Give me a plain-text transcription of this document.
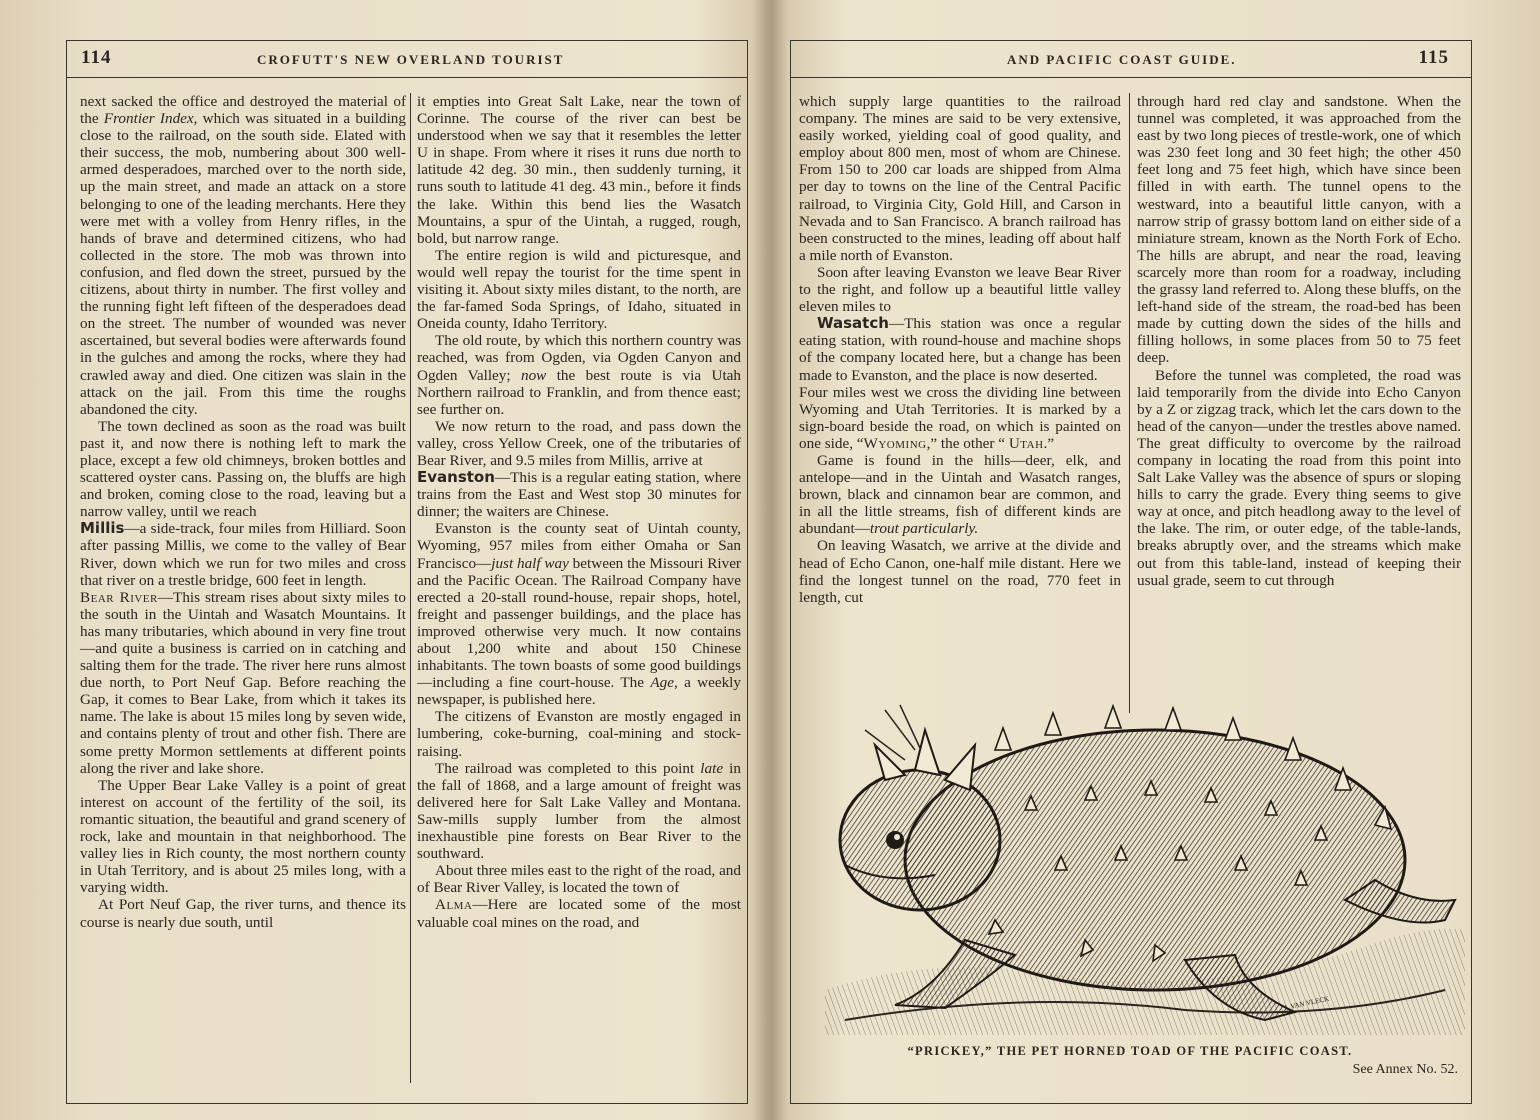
114	CROFUTT'S NEW OVERLAND TOURIST

next sacked the office and destroyed the material of the Frontier Index, which was situated in a building close to the railroad, on the south side. Elated with their success, the mob, numbering about 300 well-armed desperadoes, marched over to the north side, up the main street, and made an attack on a store belonging to one of the leading merchants. Here they were met with a volley from Henry rifles, in the hands of brave and determined citizens, who had collected in the store. The mob was thrown into confusion, and fled down the street, pursued by the citizens, about thirty in number. The first volley and the running fight left fifteen of the desperadoes dead on the street. The number of wounded was never ascertained, but several bodies were afterwards found in the gulches and among the rocks, where they had crawled away and died. One citizen was slain in the attack on the jail. From this time the roughs abandoned the city.

The town declined as soon as the road was built past it, and now there is nothing left to mark the place, except a few old chimneys, broken bottles and scattered oyster cans. Passing on, the bluffs are high and broken, coming close to the road, leaving but a narrow valley, until we reach

Millis—a side-track, four miles from Hilliard. Soon after passing Millis, we come to the valley of Bear River, down which we run for two miles and cross that river on a trestle bridge, 600 feet in length.

Bear River—This stream rises about sixty miles to the south in the Uintah and Wasatch Mountains. It has many tributaries, which abound in very fine trout—and quite a business is carried on in catching and salting them for the trade. The river here runs almost due north, to Port Neuf Gap. Before reaching the Gap, it comes to Bear Lake, from which it takes its name. The lake is about 15 miles long by seven wide, and contains plenty of trout and other fish. There are some pretty Mormon settlements at different points along the river and lake shore.

The Upper Bear Lake Valley is a point of great interest on account of the fertility of the soil, its romantic situation, the beautiful and grand scenery of rock, lake and mountain in that neighborhood. The valley lies in Rich county, the most northern county in Utah Territory, and is about 25 miles long, with a varying width.

At Port Neuf Gap, the river turns, and thence its course is nearly due south, until

it empties into Great Salt Lake, near the town of Corinne. The course of the river can best be understood when we say that it resembles the letter U in shape. From where it rises it runs due north to latitude 42 deg. 30 min., then suddenly turning, it runs south to latitude 41 deg. 43 min., before it finds the lake. Within this bend lies the Wasatch Mountains, a spur of the Uintah, a rugged, rough, bold, but narrow range.

The entire region is wild and picturesque, and would well repay the tourist for the time spent in visiting it. About sixty miles distant, to the north, are the far-famed Soda Springs, of Idaho, situated in Oneida county, Idaho Territory.

The old route, by which this northern country was reached, was from Ogden, via Ogden Canyon and Ogden Valley; now the best route is via Utah Northern railroad to Franklin, and from thence east; see further on.

We now return to the road, and pass down the valley, cross Yellow Creek, one of the tributaries of Bear River, and 9.5 miles from Millis, arrive at

Evanston—This is a regular eating station, where trains from the East and West stop 30 minutes for dinner; the waiters are Chinese.

Evanston is the county seat of Uintah county, Wyoming, 957 miles from either Omaha or San Francisco—just half way between the Missouri River and the Pacific Ocean. The Railroad Company have erected a 20-stall round-house, repair shops, hotel, freight and passenger buildings, and the place has improved otherwise very much. It now contains about 1,200 white and about 150 Chinese inhabitants. The town boasts of some good buildings—including a fine court-house. The Age, a weekly newspaper, is published here.

The citizens of Evanston are mostly engaged in lumbering, coke-burning, coal-mining and stock-raising.

The railroad was completed to this point late in the fall of 1868, and a large amount of freight was delivered here for Salt Lake Valley and Montana. Saw-mills supply lumber from the almost inexhaustible pine forests on Bear River to the southward.

About three miles east to the right of the road, and of Bear River Valley, is located the town of

Alma—Here are located some of the most valuable coal mines on the road, and

AND PACIFIC COAST GUIDE.	115

which supply large quantities to the railroad company. The mines are said to be very extensive, easily worked, yielding coal of good quality, and employ about 800 men, most of whom are Chinese. From 150 to 200 car loads are shipped from Alma per day to towns on the line of the Central Pacific railroad, to Virginia City, Gold Hill, and Carson in Nevada and to San Francisco. A branch railroad has been constructed to the mines, leading off about half a mile north of Evanston.

Soon after leaving Evanston we leave Bear River to the right, and follow up a beautiful little valley eleven miles to

Wasatch—This station was once a regular eating station, with round-house and machine shops of the company located here, but a change has been made to Evanston, and the place is now deserted.

Four miles west we cross the dividing line between Wyoming and Utah Territories. It is marked by a sign-board beside the road, on which is painted on one side, “Wyoming,” the other “ Utah.”

Game is found in the hills—deer, elk, and antelope—and in the Uintah and Wasatch ranges, brown, black and cinnamon bear are common, and in all the little streams, fish of different kinds are abundant—trout particularly.

On leaving Wasatch, we arrive at the divide and head of Echo Canon, one-half mile distant. Here we find the longest tunnel on the road, 770 feet in length, cut

through hard red clay and sandstone. When the tunnel was completed, it was approached from the east by two long pieces of trestle-work, one of which was 230 feet long and 30 feet high; the other 450 feet long and 75 feet high, which have since been filled in with earth. The tunnel opens to the westward, into a beautiful little canyon, with a narrow strip of grassy bottom land on either side of a miniature stream, known as the North Fork of Echo. The hills are abrupt, and near the road, leaving scarcely more than room for a roadway, including the grassy land referred to. Along these bluffs, on the left-hand side of the stream, the road-bed has been made by cutting down the sides of the hills and filling hollows, in some places from 50 to 75 feet deep.

Before the tunnel was completed, the road was laid temporarily from the divide into Echo Canyon by a Z or zigzag track, which let the cars down to the head of the canyon—under the trestles above named. The great difficulty to overcome by the railroad company in locating the road from this point into Salt Lake Valley was the absence of spurs or sloping hills to carry the grade. Every thing seems to give way at once, and pitch headlong away to the level of the lake. The rim, or outer edge, of the table-lands, breaks abruptly over, and the streams which make out from this table-land, instead of keeping their usual grade, seem to cut through

J. VAN VLECK
“PRICKEY,” THE PET HORNED TOAD OF THE PACIFIC COAST.
See Annex No. 52.
